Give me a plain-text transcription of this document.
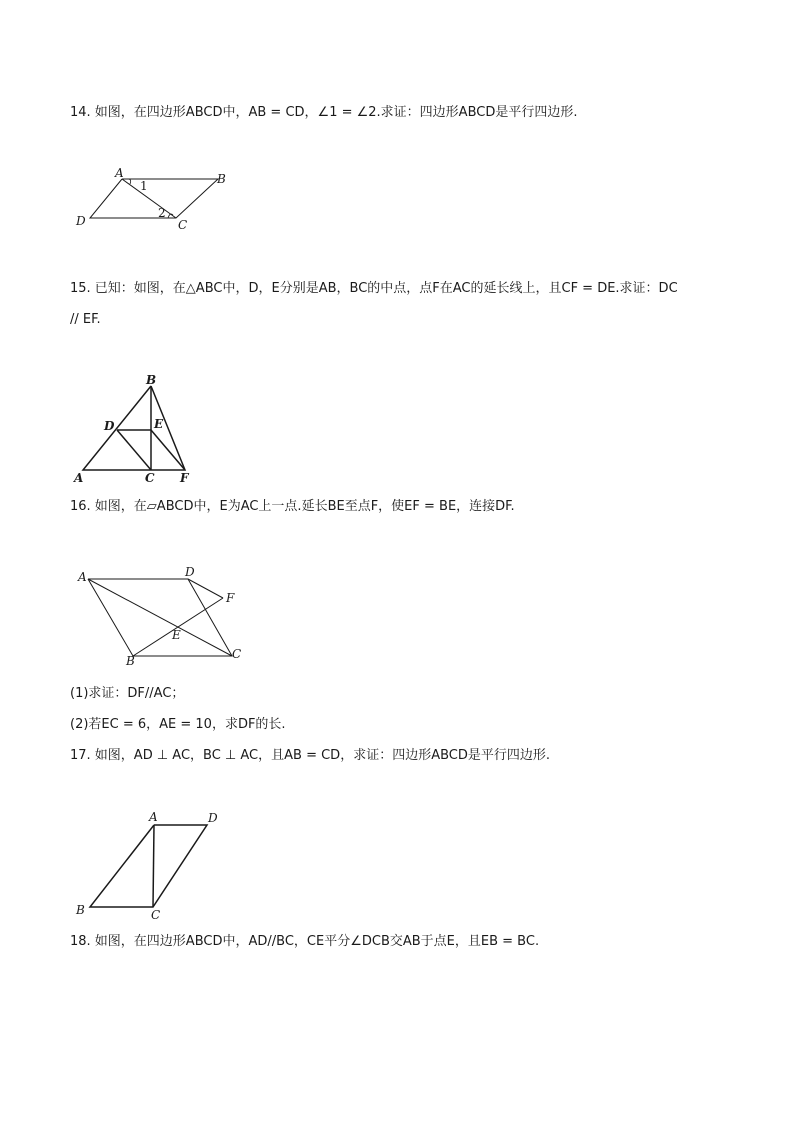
14. 如图，在四边形ABCD中，AB = CD，∠1 = ∠2.求证：四边形ABCD是平行四边形.
A	B
C
D
1
2
15. 已知：如图，在△ABC中，D，E分别是AB，BC的中点，点F在AC的延长线上，且CF = DE.求证：DC
// EF.
B
D	E
A	C F
16. 如图，在▱ABCD中，E为AC上一点.延长BE至点F，使EF = BE，连接DF.
A	D
F
E
B	C
(1)求证：DF//AC；
(2)若EC = 6，AE = 10，求DF的长.
17. 如图，AD ⊥ AC，BC ⊥ AC，且AB = CD，求证：四边形ABCD是平行四边形.
A	D
B	C
18. 如图，在四边形ABCD中，AD//BC，CE平分∠DCB交AB于点E，且EB = BC.
